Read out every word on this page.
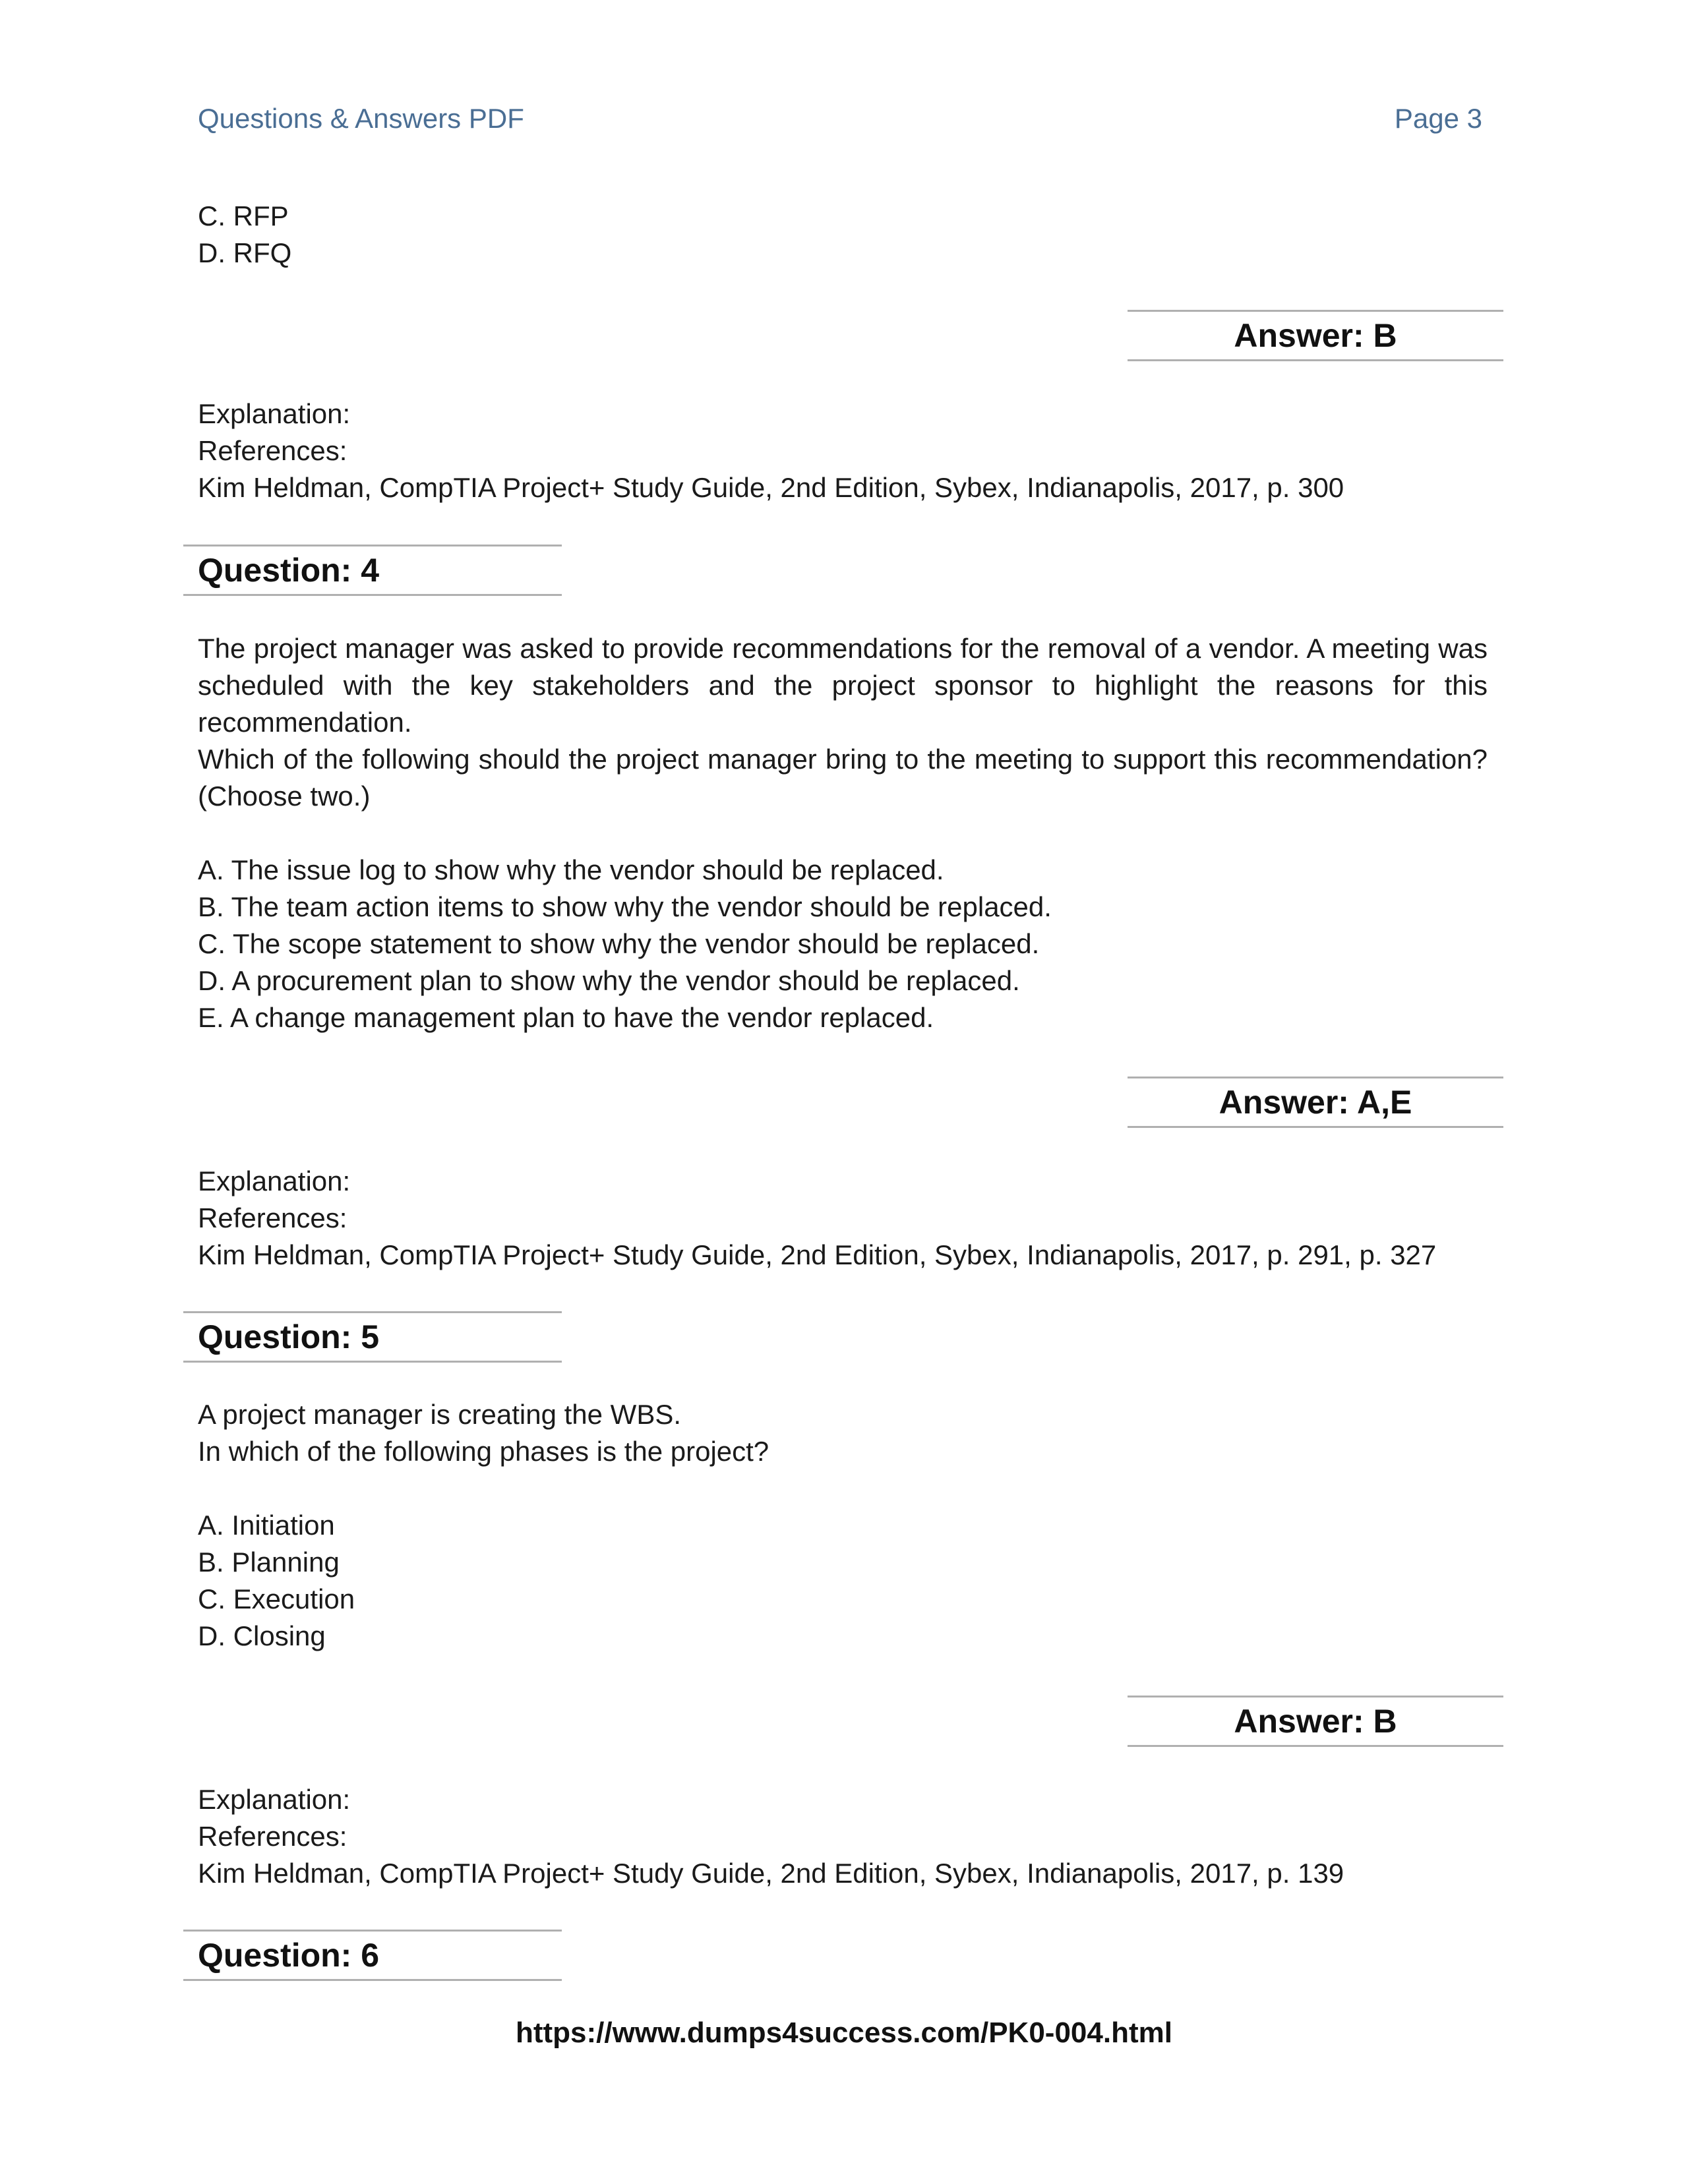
Questions & Answers PDF	Page 3

C. RFP

D. RFQ

Answer: B

Explanation:

References:

Kim Heldman, CompTIA Project+ Study Guide, 2nd Edition, Sybex, Indianapolis, 2017, p. 300

Question: 4

The project manager was asked to provide recommendations for the removal of a vendor. A meeting was scheduled with the key stakeholders and the project sponsor to highlight the reasons for this recommendation.

Which of the following should the project manager bring to the meeting to support this recommendation? (Choose two.)

A. The issue log to show why the vendor should be replaced.

B. The team action items to show why the vendor should be replaced.

C. The scope statement to show why the vendor should be replaced.

D. A procurement plan to show why the vendor should be replaced.

E. A change management plan to have the vendor replaced.

Answer: A,E

Explanation:

References:

Kim Heldman, CompTIA Project+ Study Guide, 2nd Edition, Sybex, Indianapolis, 2017, p. 291, p. 327

Question: 5

A project manager is creating the WBS.

In which of the following phases is the project?

A. Initiation

B. Planning

C. Execution

D. Closing

Answer: B

Explanation:

References:

Kim Heldman, CompTIA Project+ Study Guide, 2nd Edition, Sybex, Indianapolis, 2017, p. 139

Question: 6
https://www.dumps4success.com/PK0-004.html
